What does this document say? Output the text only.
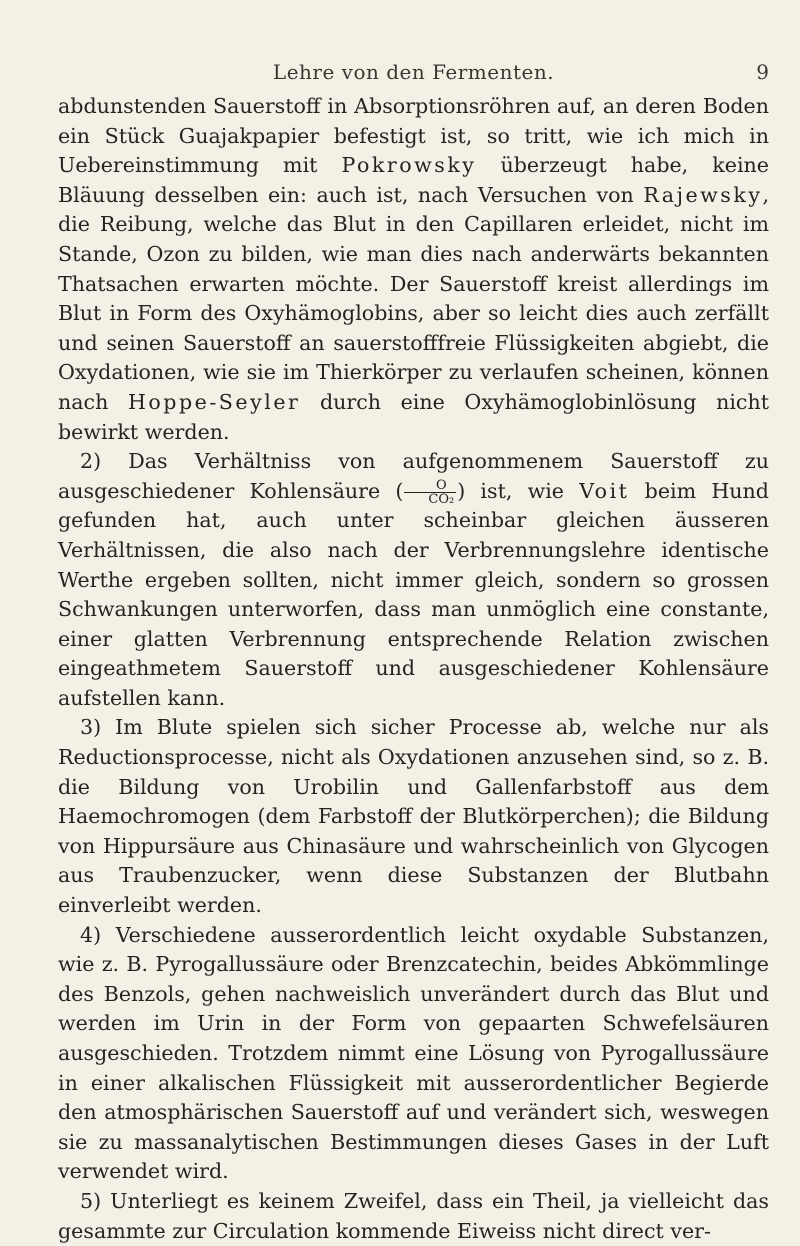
Lehre von den Fermenten.	9

abdunstenden Sauerstoff in Absorptionsröhren auf, an deren Boden ein Stück Guajakpapier befestigt ist, so tritt, wie ich mich in Uebereinstimmung mit Pokrowsky überzeugt habe, keine Bläuung desselben ein: auch ist, nach Versuchen von Rajewsky, die Reibung, welche das Blut in den Capillaren erleidet, nicht im Stande, Ozon zu bilden, wie man dies nach anderwärts bekannten Thatsachen erwarten möchte. Der Sauerstoff kreist allerdings im Blut in Form des Oxyhämoglobins, aber so leicht dies auch zerfällt und seinen Sauerstoff an sauerstofffreie Flüssigkeiten abgiebt, die Oxydationen, wie sie im Thierkörper zu verlaufen scheinen, können nach Hoppe-Seyler durch eine Oxyhämoglobinlösung nicht bewirkt werden.

2) Das Verhältniss von aufgenommenem Sauerstoff zu ausgeschiedener Kohlensäure ( $\frac{O}{\text{CO₂}}$ ) ist, wie Voit beim Hund gefunden hat, auch unter scheinbar gleichen äusseren Verhältnissen, die also nach der Verbrennungslehre identische Werthe ergeben sollten, nicht immer gleich, sondern so grossen Schwankungen unterworfen, dass man unmöglich eine constante, einer glatten Verbrennung entsprechende Relation zwischen eingeathmetem Sauerstoff und ausgeschiedener Kohlensäure aufstellen kann.

3) Im Blute spielen sich sicher Processe ab, welche nur als Reductionsprocesse, nicht als Oxydationen anzusehen sind, so z. B. die Bildung von Urobilin und Gallenfarbstoff aus dem Haemochromogen (dem Farbstoff der Blutkörperchen); die Bildung von Hippursäure aus Chinasäure und wahrscheinlich von Glycogen aus Traubenzucker, wenn diese Substanzen der Blutbahn einverleibt werden.

4) Verschiedene ausserordentlich leicht oxydable Substanzen, wie z. B. Pyrogallussäure oder Brenzcatechin, beides Abkömmlinge des Benzols, gehen nachweislich unverändert durch das Blut und werden im Urin in der Form von gepaarten Schwefelsäuren ausgeschieden. Trotzdem nimmt eine Lösung von Pyrogallussäure in einer alkalischen Flüssigkeit mit ausserordentlicher Begierde den atmosphärischen Sauerstoff auf und verändert sich, weswegen sie zu massanalytischen Bestimmungen dieses Gases in der Luft verwendet wird.

5) Unterliegt es keinem Zweifel, dass ein Theil, ja vielleicht das gesammte zur Circulation kommende Eiweiss nicht direct ver-
